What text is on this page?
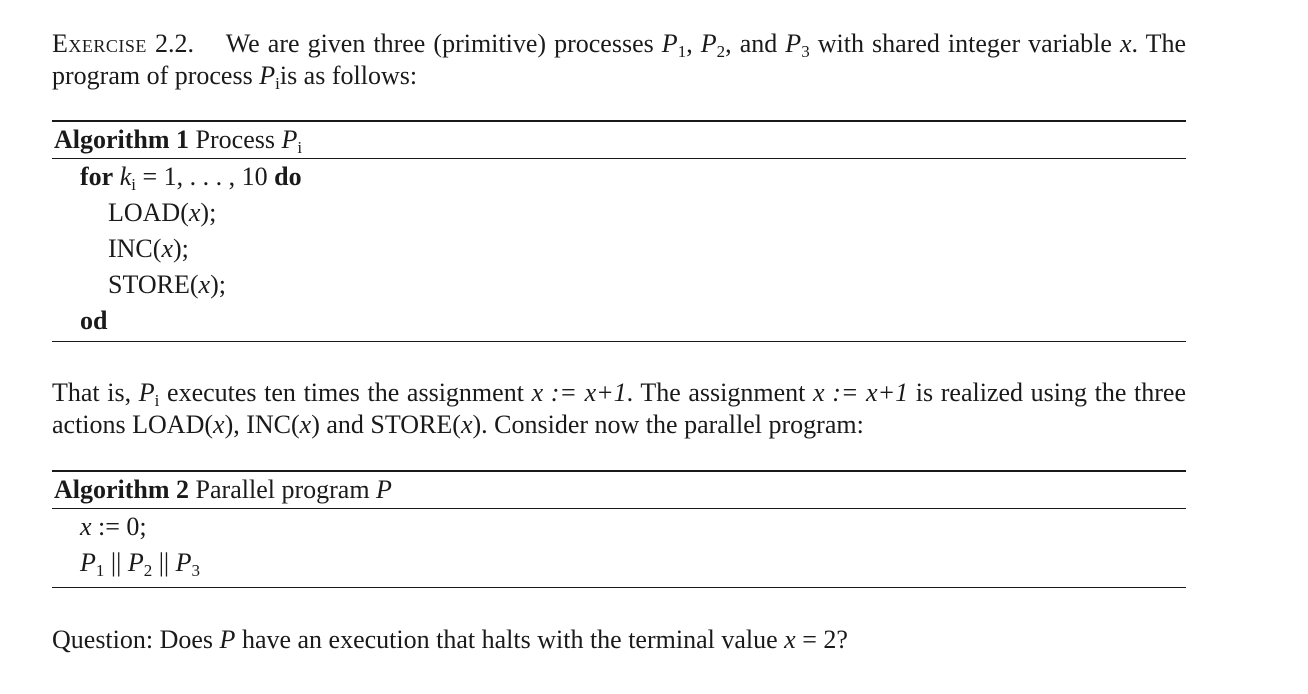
Exercise 2.2. We are given three (primitive) processes $P_1$, $P_2$, and $P_3$ with shared integer variable x. The program of process $P_iis$ as follows:
Algorithm 1 Process $P_i$
for $k_i = 1$, . . . , 10 do
LOAD(x);
INC(x);
STORE(x);
od
That is, $P_i$ executes ten times the assignment x := x+1. The assignment x := x+1 is realized using the three actions LOAD(x), INC(x) and STORE(x). Consider now the parallel program:
Algorithm 2 Parallel program P
x := 0;
$P_1$ || $P_2$ || $P_3$
Question: Does P have an execution that halts with the terminal value x = 2?
